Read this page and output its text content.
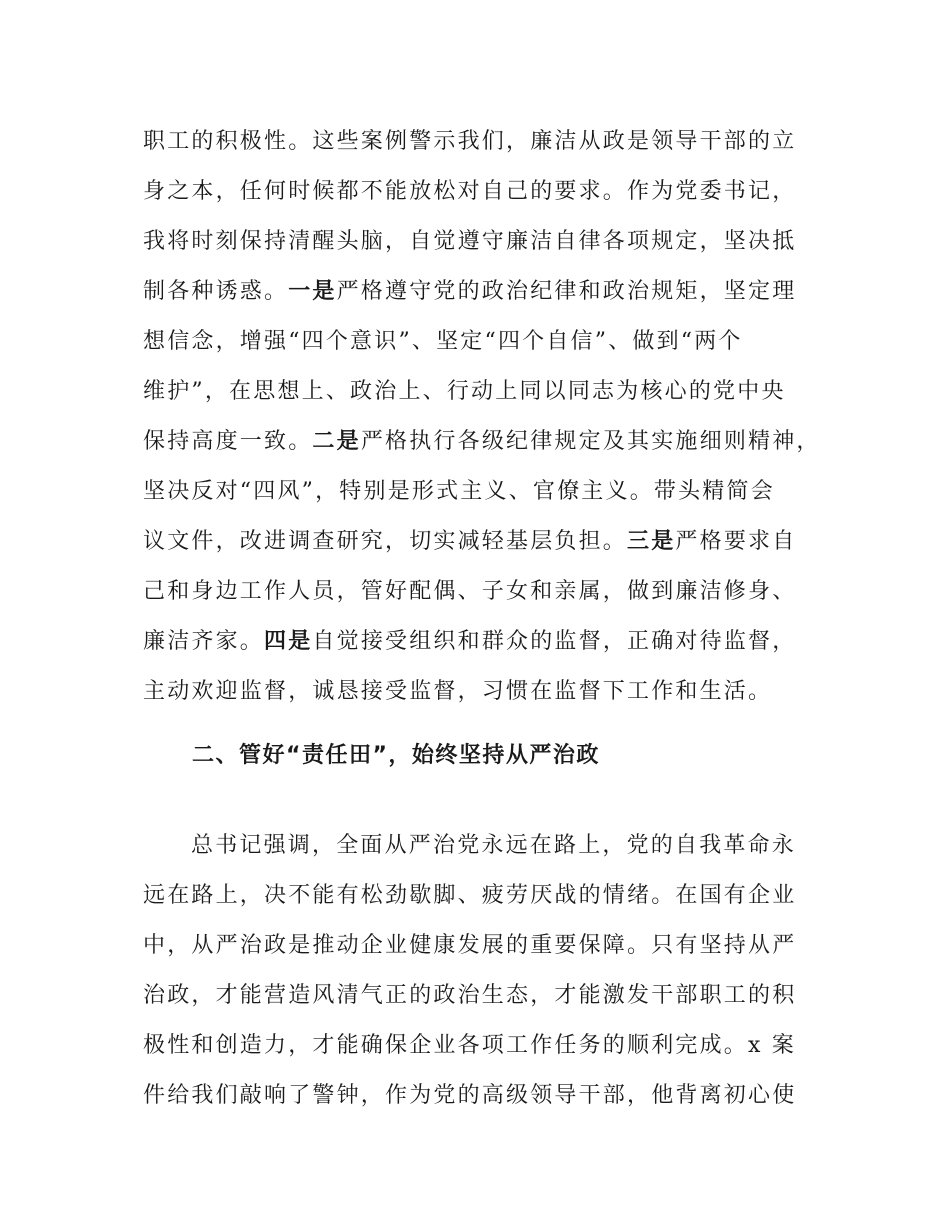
职工的积极性。这些案例警示我们，廉洁从政是领导干部的立
身之本，任何时候都不能放松对自己的要求。作为党委书记，
我将时刻保持清醒头脑，自觉遵守廉洁自律各项规定，坚决抵
制各种诱惑。一是严格遵守党的政治纪律和政治规矩，坚定理
想信念，增强“四个意识”、坚定“四个自信”、做到“两个
维护”，在思想上、政治上、行动上同以同志为核心的党中央
保持高度一致。二是严格执行各级纪律规定及其实施细则精神，
坚决反对“四风”，特别是形式主义、官僚主义。带头精简会
议文件，改进调查研究，切实减轻基层负担。三是严格要求自
己和身边工作人员，管好配偶、子女和亲属，做到廉洁修身、
廉洁齐家。四是自觉接受组织和群众的监督，正确对待监督，
主动欢迎监督，诚恳接受监督，习惯在监督下工作和生活。
二、管好“责任田”，始终坚持从严治政
总书记强调，全面从严治党永远在路上，党的自我革命永
远在路上，决不能有松劲歇脚、疲劳厌战的情绪。在国有企业
中，从严治政是推动企业健康发展的重要保障。只有坚持从严
治政，才能营造风清气正的政治生态，才能激发干部职工的积
极性和创造力，才能确保企业各项工作任务的顺利完成。x 案
件给我们敲响了警钟，作为党的高级领导干部，他背离初心使
